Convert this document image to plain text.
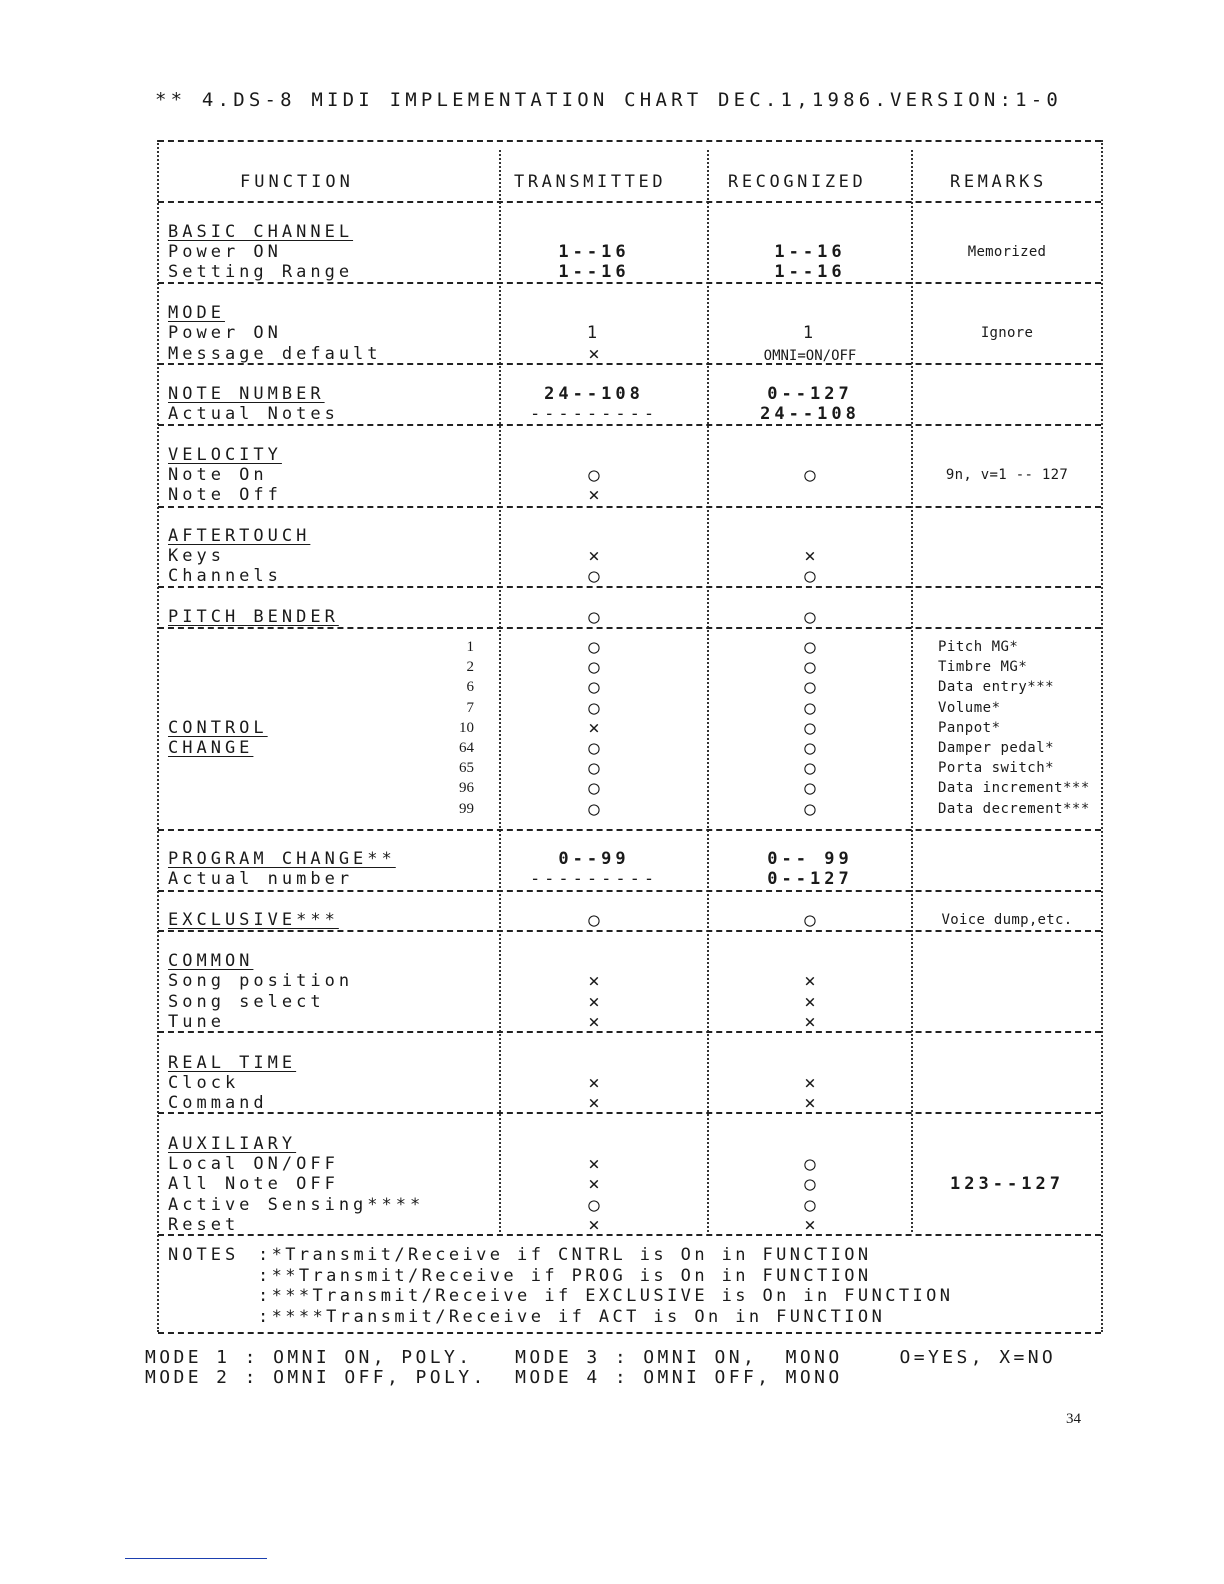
** 4.DS-8 MIDI IMPLEMENTATION CHART DEC.1,1986.VERSION:1-0
FUNCTION	TRANSMITTED	RECOGNIZED	REMARKS
BASIC CHANNEL
Power ON	1--16	1--16	Memorized
Setting Range	1--16	1--16
MODE
Power ON	1	1	Ignore
Message default	×	OMNI=ON/OFF
NOTE NUMBER	24--108	0--127
Actual Notes	---------	24--108
VELOCITY
Note On	○	○	9n, v=1 -- 127
Note Off	×
AFTERTOUCH
Keys	×	×
Channels	○	○
PITCH BENDER	○	○
CONTROL
CHANGE
1	○	○	Pitch MG*
2	○	○	Timbre MG*
6	○	○	Data entry***
7	○	○	Volume*
10	×	○	Panpot*
64	○	○	Damper pedal*
65	○	○	Porta switch*
96	○	○	Data increment***
99	○	○	Data decrement***
PROGRAM CHANGE**	0--99	0-- 99
Actual number	---------	0--127
EXCLUSIVE***	○	○	Voice dump,etc.
COMMON
Song position	×	×
Song select	×	×
Tune	×	×
REAL TIME
Clock	×	×
Command	×	×
AUXILIARY
Local ON/OFF	×	○
All Note OFF	×	○	123--127
Active Sensing****	○	○
Reset	×	×
NOTES :*Transmit/Receive if CNTRL is On in FUNCTION
:**Transmit/Receive if PROG is On in FUNCTION
:***Transmit/Receive if EXCLUSIVE is On in FUNCTION
:****Transmit/Receive if ACT is On in FUNCTION
MODE 1 : OMNI ON, POLY.   MODE 3 : OMNI ON,  MONO    O=YES, X=NO
MODE 2 : OMNI OFF, POLY.  MODE 4 : OMNI OFF, MONO
34
